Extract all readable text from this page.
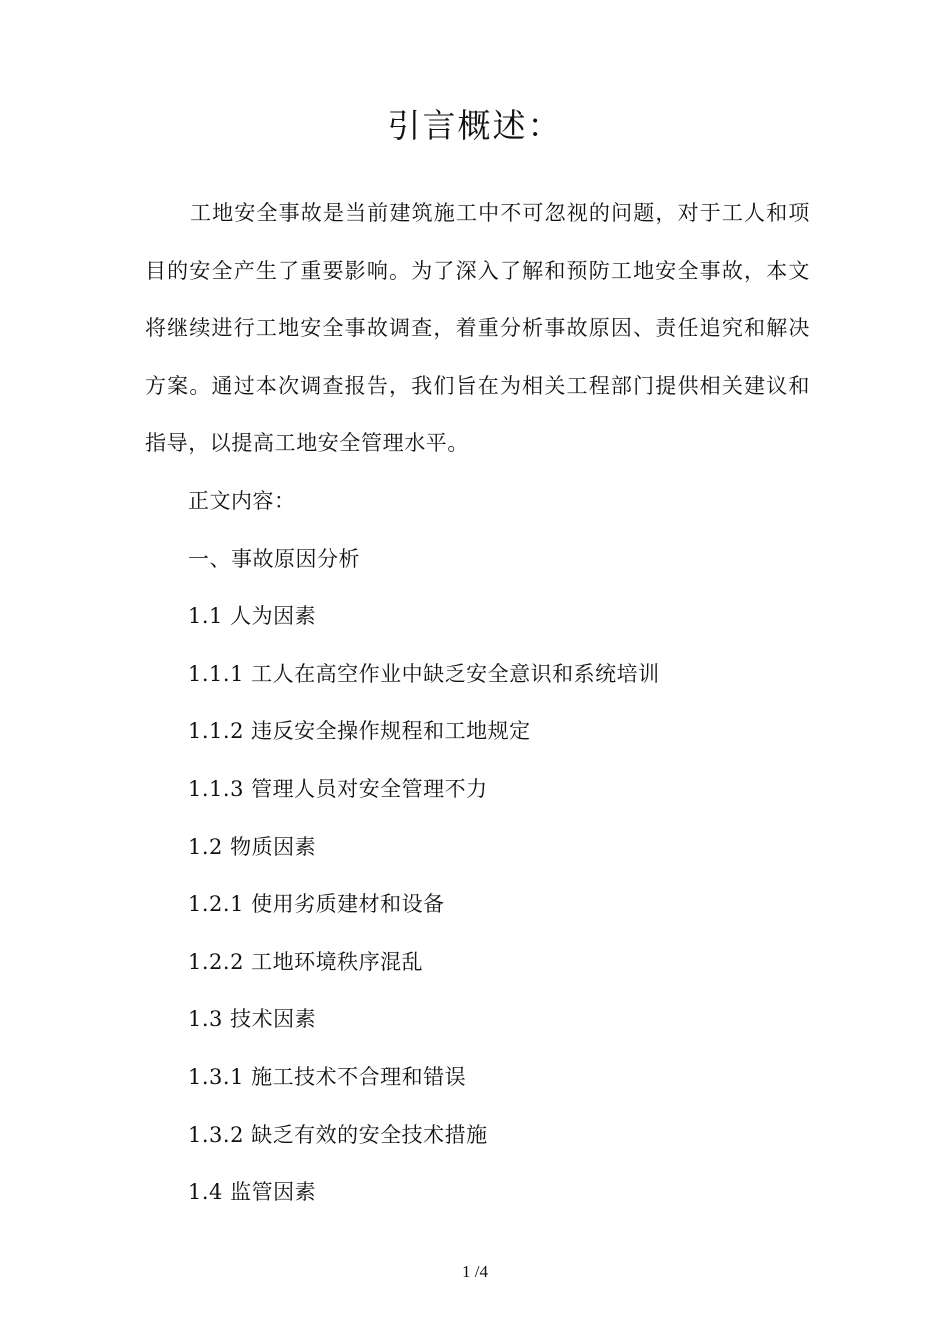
引言概述：

工地安全事故是当前建筑施工中不可忽视的问题，对于工人和项目的安全产生了重要影响。为了深入了解和预防工地安全事故，本文将继续进行工地安全事故调查，着重分析事故原因、责任追究和解决方案。通过本次调查报告，我们旨在为相关工程部门提供相关建议和指导，以提高工地安全管理水平。

正文内容：
一、事故原因分析
1.1 人为因素
1.1.1 工人在高空作业中缺乏安全意识和系统培训
1.1.2 违反安全操作规程和工地规定
1.1.3 管理人员对安全管理不力
1.2 物质因素
1.2.1 使用劣质建材和设备
1.2.2 工地环境秩序混乱
1.3 技术因素
1.3.1 施工技术不合理和错误
1.3.2 缺乏有效的安全技术措施
1.4 监管因素
1 /4
